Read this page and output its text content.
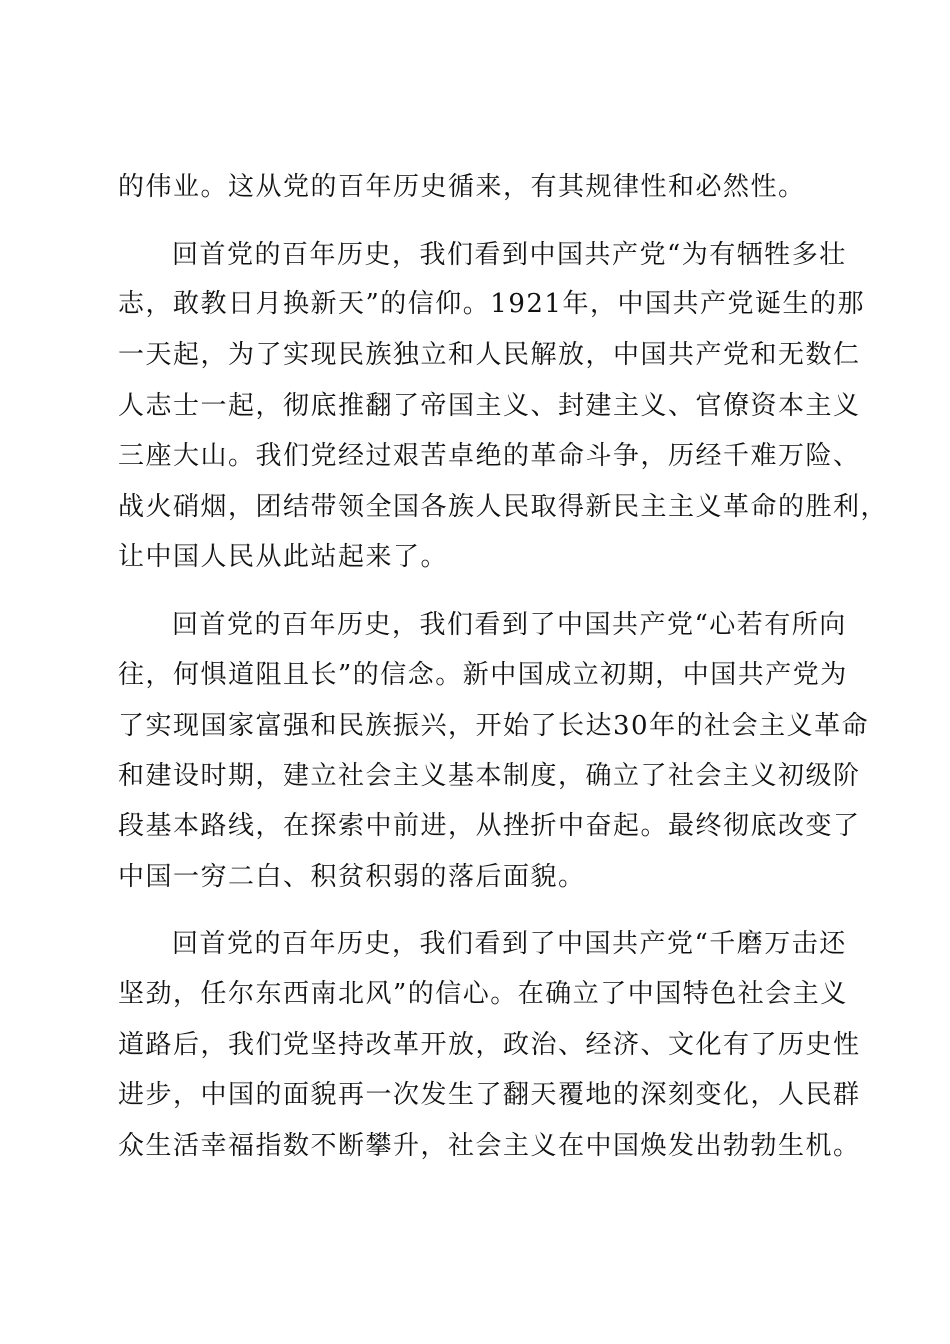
的伟业。这从党的百年历史循来，有其规律性和必然性。
回首党的百年历史，我们看到中国共产党“为有牺牲多壮
志，敢教日月换新天”的信仰。1921年，中国共产党诞生的那
一天起，为了实现民族独立和人民解放，中国共产党和无数仁
人志士一起，彻底推翻了帝国主义、封建主义、官僚资本主义
三座大山。我们党经过艰苦卓绝的革命斗争，历经千难万险、
战火硝烟，团结带领全国各族人民取得新民主主义革命的胜利，
让中国人民从此站起来了。
回首党的百年历史，我们看到了中国共产党“心若有所向
往，何惧道阻且长”的信念。新中国成立初期，中国共产党为
了实现国家富强和民族振兴，开始了长达30年的社会主义革命
和建设时期，建立社会主义基本制度，确立了社会主义初级阶
段基本路线，在探索中前进，从挫折中奋起。最终彻底改变了
中国一穷二白、积贫积弱的落后面貌。
回首党的百年历史，我们看到了中国共产党“千磨万击还
坚劲，任尔东西南北风”的信心。在确立了中国特色社会主义
道路后，我们党坚持改革开放，政治、经济、文化有了历史性
进步，中国的面貌再一次发生了翻天覆地的深刻变化，人民群
众生活幸福指数不断攀升，社会主义在中国焕发出勃勃生机。
